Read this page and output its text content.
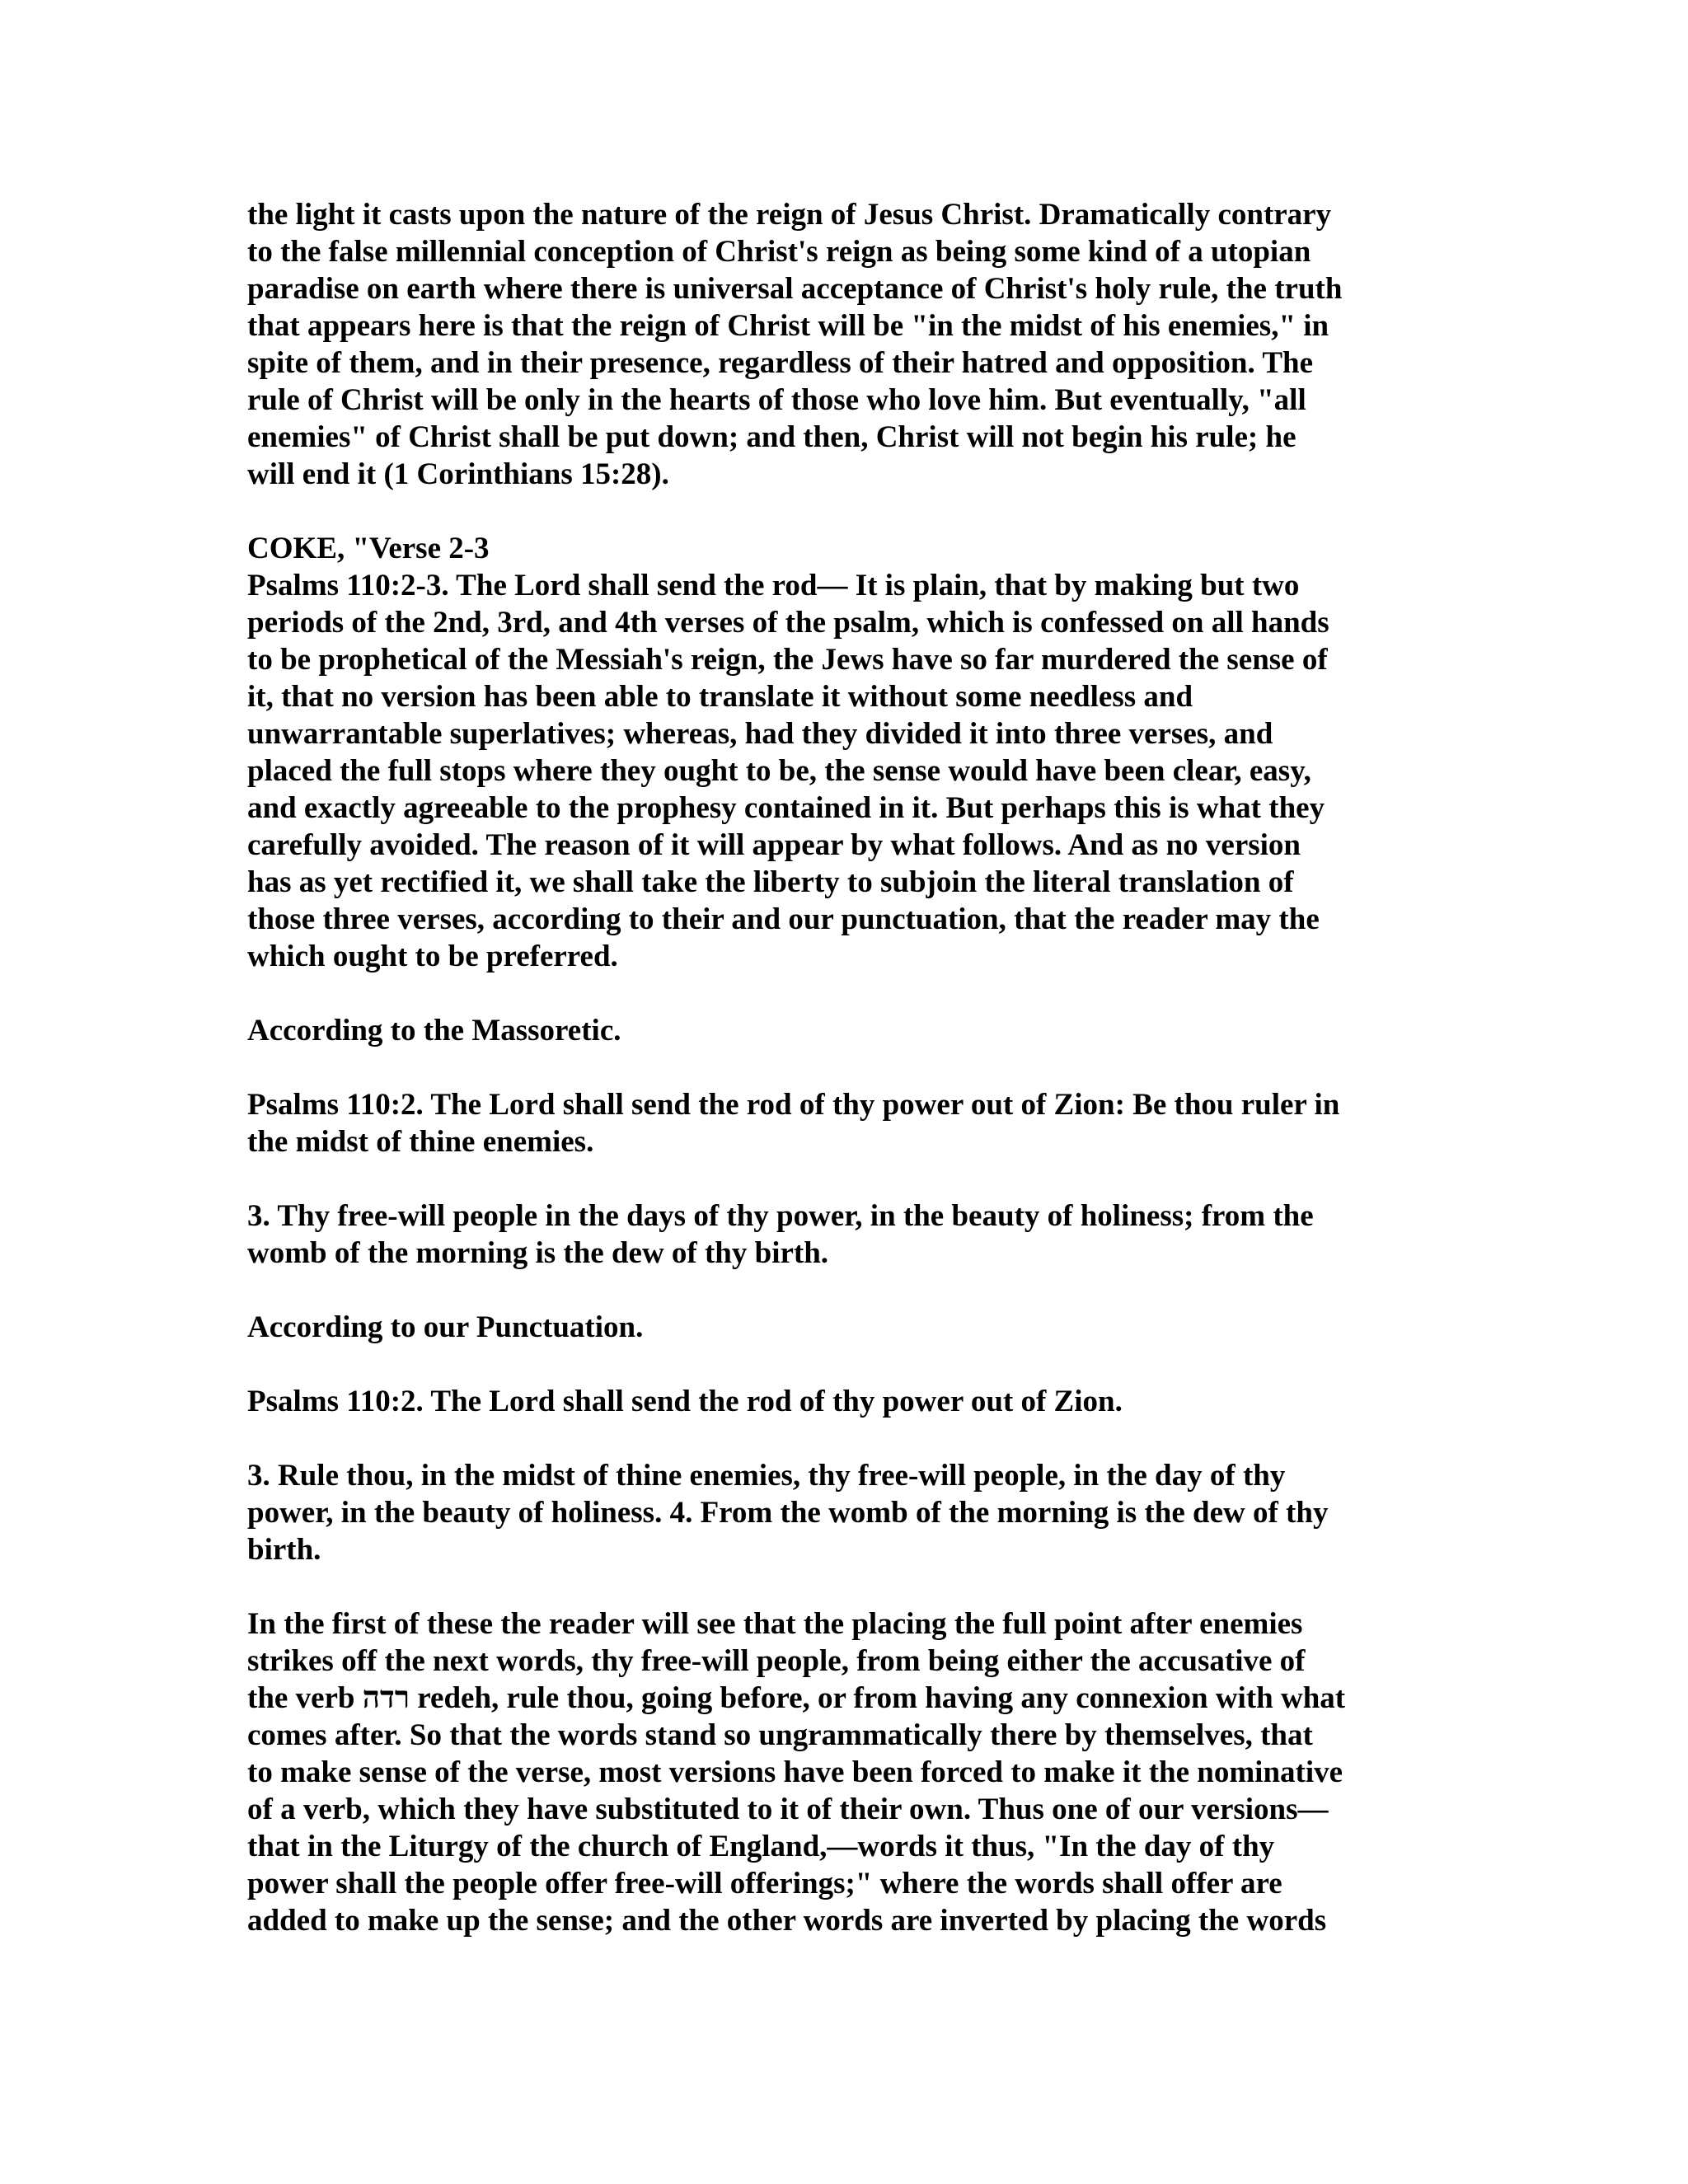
the light it casts upon the nature of the reign of Jesus Christ. Dramatically contrary
to the false millennial conception of Christ's reign as being some kind of a utopian
paradise on earth where there is universal acceptance of Christ's holy rule, the truth
that appears here is that the reign of Christ will be "in the midst of his enemies," in
spite of them, and in their presence, regardless of their hatred and opposition. The
rule of Christ will be only in the hearts of those who love him. But eventually, "all
enemies" of Christ shall be put down; and then, Christ will not begin his rule; he
will end it (1 Corinthians 15:28).
COKE, "Verse 2-3
Psalms 110:2-3. The Lord shall send the rod— It is plain, that by making but two
periods of the 2nd, 3rd, and 4th verses of the psalm, which is confessed on all hands
to be prophetical of the Messiah's reign, the Jews have so far murdered the sense of
it, that no version has been able to translate it without some needless and
unwarrantable superlatives; whereas, had they divided it into three verses, and
placed the full stops where they ought to be, the sense would have been clear, easy,
and exactly agreeable to the prophesy contained in it. But perhaps this is what they
carefully avoided. The reason of it will appear by what follows. And as no version
has as yet rectified it, we shall take the liberty to subjoin the literal translation of
those three verses, according to their and our punctuation, that the reader may the
which ought to be preferred.
According to the Massoretic.
Psalms 110:2. The Lord shall send the rod of thy power out of Zion: Be thou ruler in
the midst of thine enemies.
3. Thy free-will people in the days of thy power, in the beauty of holiness; from the
womb of the morning is the dew of thy birth.
According to our Punctuation.
Psalms 110:2. The Lord shall send the rod of thy power out of Zion.
3. Rule thou, in the midst of thine enemies, thy free-will people, in the day of thy
power, in the beauty of holiness. 4. From the womb of the morning is the dew of thy
birth.
In the first of these the reader will see that the placing the full point after enemies
strikes off the next words, thy free-will people, from being either the accusative of
the verb רדה redeh, rule thou, going before, or from having any connexion with what
comes after. So that the words stand so ungrammatically there by themselves, that
to make sense of the verse, most versions have been forced to make it the nominative
of a verb, which they have substituted to it of their own. Thus one of our versions—
that in the Liturgy of the church of England,—words it thus, "In the day of thy
power shall the people offer free-will offerings;" where the words shall offer are
added to make up the sense; and the other words are inverted by placing the words
